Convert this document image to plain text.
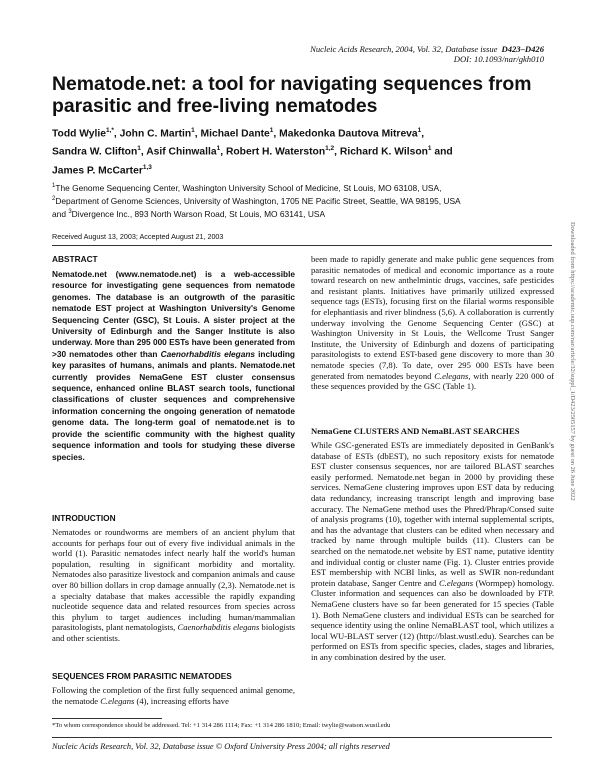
Nucleic Acids Research, 2004, Vol. 32, Database issue D423–D426
DOI: 10.1093/nar/gkh010
Nematode.net: a tool for navigating sequences from parasitic and free-living nematodes
Todd Wylie$^{1,*}$, John C. Martin$^1$, Michael Dante$^1$, Makedonka Dautova Mitreva$^1$,
Sandra W. Clifton$^1$, Asif Chinwalla$^1$, Robert H. Waterston$^{1,2}$, Richard K. Wilson$^1$ and
James P. McCarter$^{1,3}$
$^1$The Genome Sequencing Center, Washington University School of Medicine, St Louis, MO 63108, USA,
$^2$Department of Genome Sciences, University of Washington, 1705 NE Pacific Street, Seattle, WA 98195, USA
and $^3$Divergence Inc., 893 North Warson Road, St Louis, MO 63141, USA
Received August 13, 2003; Accepted August 21, 2003
ABSTRACT
Nematode.net (www.nematode.net) is a web-accessible resource for investigating gene sequences from nematode genomes. The database is an outgrowth of the parasitic nematode EST project at Washington University's Genome Sequencing Center (GSC), St Louis. A sister project at the University of Edinburgh and the Sanger Institute is also underway. More than 295 000 ESTs have been generated from >30 nematodes other than Caenorhabditis elegans including key parasites of humans, animals and plants. Nematode.net currently provides NemaGene EST cluster consensus sequence, enhanced online BLAST search tools, functional classifications of cluster sequences and comprehensive information concerning the ongoing generation of nematode genome data. The long-term goal of nematode.net is to provide the scientific community with the highest quality sequence information and tools for studying these diverse species.
INTRODUCTION
Nematodes or roundworms are members of an ancient phylum that accounts for perhaps four out of every five individual animals in the world (1). Parasitic nematodes infect nearly half the world's human population, resulting in significant morbidity and mortality. Nematodes also parasitize livestock and companion animals and cause over 80 billion dollars in crop damage annually (2,3). Nematode.net is a specialty database that makes accessible the rapidly expanding nucleotide sequence data and related resources from species across this phylum to target audiences including human/mammalian parasitologists, plant nematologists, Caenorhabditis elegans biologists and other scientists.
SEQUENCES FROM PARASITIC NEMATODES
Following the completion of the first fully sequenced animal genome, the nematode C.elegans (4), increasing efforts have
been made to rapidly generate and make public gene sequences from parasitic nematodes of medical and economic importance as a route toward research on new anthelmintic drugs, vaccines, safe pesticides and resistant plants. Initiatives have primarily utilized expressed sequence tags (ESTs), focusing first on the filarial worms responsible for elephantiasis and river blindness (5,6). A collaboration is currently underway involving the Genome Sequencing Center (GSC) at Washington University in St Louis, the Wellcome Trust Sanger Institute, the University of Edinburgh and dozens of participating parasitologists to extend EST-based gene discovery to more than 30 nematode species (7,8). To date, over 295 000 ESTs have been generated from nematodes beyond C.elegans, with nearly 220 000 of these sequences provided by the GSC (Table 1).
NemaGene CLUSTERS AND NemaBLAST SEARCHES
While GSC-generated ESTs are immediately deposited in GenBank's database of ESTs (dbEST), no such repository exists for nematode EST cluster consensus sequences, nor are tailored BLAST searches easily performed. Nematode.net began in 2000 by providing these services. NemaGene clustering improves upon EST data by reducing data redundancy, increasing transcript length and improving base accuracy. The NemaGene method uses the Phred/Phrap/Consed suite of analysis programs (10), together with internal supplemental scripts, and has the advantage that clusters can be edited when necessary and tracked by name through multiple builds (11). Clusters can be searched on the nematode.net website by EST name, putative identity and individual contig or cluster name (Fig. 1). Cluster entries provide EST membership with NCBI links, as well as SWIR non-redundant protein database, Sanger Centre and C.elegans (Wormpep) homology. Cluster information and sequences can also be downloaded by FTP. NemaGene clusters have so far been generated for 15 species (Table 1). Both NemaGene clusters and individual ESTs can be searched for sequence identity using the online NemaBLAST tool, which utilizes a local WU-BLAST server (12) (http://blast.wustl.edu). Searches can be performed on ESTs from specific species, clades, stages and libraries, in any combination desired by the user.
*To whom correspondence should be addressed. Tel: +1 314 286 1114; Fax: +1 314 286 1810; Email: twylie@watson.wustl.edu
Nucleic Acids Research, Vol. 32, Database issue © Oxford University Press 2004; all rights reserved
Downloaded from https://academic.oup.com/nar/article/32/suppl_1/D423/2505157 by guest on 26 June 2022
